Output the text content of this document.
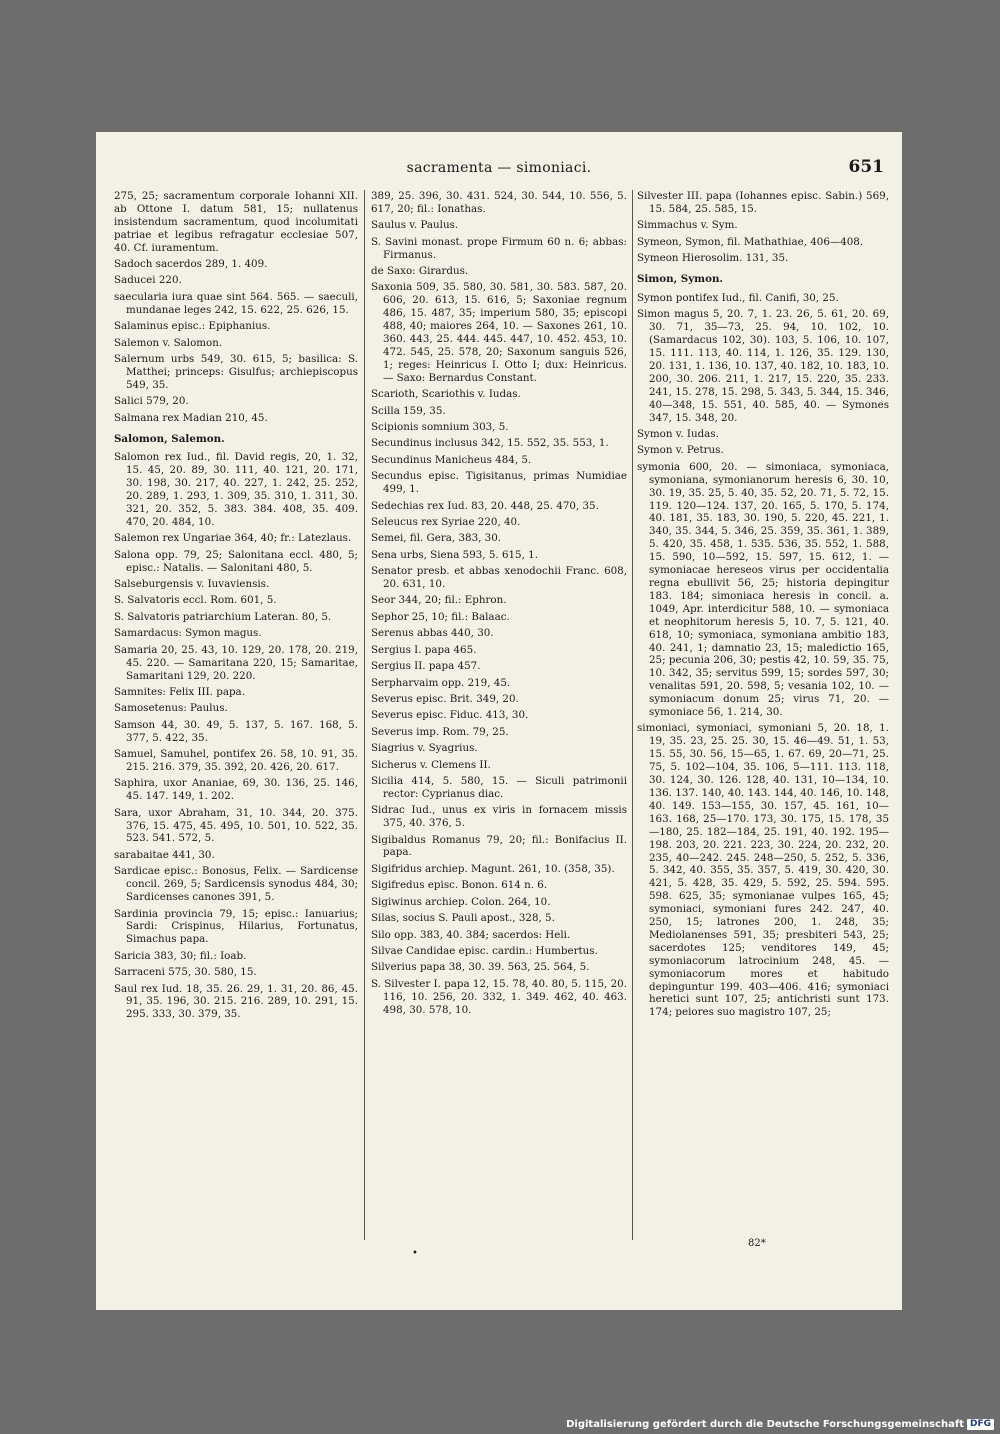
sacramenta — simoniaci.	651
275, 25; sacramentum corporale Iohanni XII. ab Ottone I. datum 581, 15; nullatenus insistendum sacramentum, quod incolumitati patriae et legibus refragatur ecclesiae 507, 40. Cf. iuramentum.
Sadoch sacerdos 289, 1. 409.
Saducei 220.
saecularia iura quae sint 564. 565. — saeculi, mundanae leges 242, 15. 622, 25. 626, 15.
Salaminus episc.: Epiphanius.
Salemon v. Salomon.
Salernum urbs 549, 30. 615, 5; basilica: S. Matthei; princeps: Gisulfus; archiepiscopus 549, 35.
Salici 579, 20.
Salmana rex Madian 210, 45.
Salomon, Salemon.
Salomon rex Iud., fil. David regis, 20, 1. 32, 15. 45, 20. 89, 30. 111, 40. 121, 20. 171, 30. 198, 30. 217, 40. 227, 1. 242, 25. 252, 20. 289, 1. 293, 1. 309, 35. 310, 1. 311, 30. 321, 20. 352, 5. 383. 384. 408, 35. 409. 470, 20. 484, 10.
Salemon rex Ungariae 364, 40; fr.: Latezlaus.
Salona opp. 79, 25; Salonitana eccl. 480, 5; episc.: Natalis. — Salonitani 480, 5.
Salseburgensis v. Iuvaviensis.
S. Salvatoris eccl. Rom. 601, 5.
S. Salvatoris patriarchium Lateran. 80, 5.
Samardacus: Symon magus.
Samaria 20, 25. 43, 10. 129, 20. 178, 20. 219, 45. 220. — Samaritana 220, 15; Samaritae, Samaritani 129, 20. 220.
Samnites: Felix III. papa.
Samosetenus: Paulus.
Samson 44, 30. 49, 5. 137, 5. 167. 168, 5. 377, 5. 422, 35.
Samuel, Samuhel, pontifex 26. 58, 10. 91, 35. 215. 216. 379, 35. 392, 20. 426, 20. 617.
Saphira, uxor Ananiae, 69, 30. 136, 25. 146, 45. 147. 149, 1. 202.
Sara, uxor Abraham, 31, 10. 344, 20. 375. 376, 15. 475, 45. 495, 10. 501, 10. 522, 35. 523. 541. 572, 5.
sarabaitae 441, 30.
Sardicae episc.: Bonosus, Felix. — Sardicense concil. 269, 5; Sardicensis synodus 484, 30; Sardicenses canones 391, 5.
Sardinia provincia 79, 15; episc.: Ianuarius; Sardi: Crispinus, Hilarius, Fortunatus, Simachus papa.
Saricia 383, 30; fil.: Ioab.
Sarraceni 575, 30. 580, 15.
Saul rex Iud. 18, 35. 26. 29, 1. 31, 20. 86, 45. 91, 35. 196, 30. 215. 216. 289, 10. 291, 15. 295. 333, 30. 379, 35.
389, 25. 396, 30. 431. 524, 30. 544, 10. 556, 5. 617, 20; fil.: Ionathas.
Saulus v. Paulus.
S. Savini monast. prope Firmum 60 n. 6; abbas: Firmanus.
de Saxo: Girardus.
Saxonia 509, 35. 580, 30. 581, 30. 583. 587, 20. 606, 20. 613, 15. 616, 5; Saxoniae regnum 486, 15. 487, 35; imperium 580, 35; episcopi 488, 40; maiores 264, 10. — Saxones 261, 10. 360. 443, 25. 444. 445. 447, 10. 452. 453, 10. 472. 545, 25. 578, 20; Saxonum sanguis 526, 1; reges: Heinricus I. Otto I; dux: Heinricus. — Saxo: Bernardus Constant.
Scarioth, Scariothis v. Iudas.
Scilla 159, 35.
Scipionis somnium 303, 5.
Secundinus inclusus 342, 15. 552, 35. 553, 1.
Secundinus Manicheus 484, 5.
Secundus episc. Tigisitanus, primas Numidiae 499, 1.
Sedechias rex Iud. 83, 20. 448, 25. 470, 35.
Seleucus rex Syriae 220, 40.
Semei, fil. Gera, 383, 30.
Sena urbs, Siena 593, 5. 615, 1.
Senator presb. et abbas xenodochii Franc. 608, 20. 631, 10.
Seor 344, 20; fil.: Ephron.
Sephor 25, 10; fil.: Balaac.
Serenus abbas 440, 30.
Sergius I. papa 465.
Sergius II. papa 457.
Serpharvaim opp. 219, 45.
Severus episc. Brit. 349, 20.
Severus episc. Fiduc. 413, 30.
Severus imp. Rom. 79, 25.
Siagrius v. Syagrius.
Sicherus v. Clemens II.
Sicilia 414, 5. 580, 15. — Siculi patrimonii rector: Cyprianus diac.
Sidrac Iud., unus ex viris in fornacem missis 375, 40. 376, 5.
Sigibaldus Romanus 79, 20; fil.: Bonifacius II. papa.
Sigifridus archiep. Magunt. 261, 10. (358, 35).
Sigifredus episc. Bonon. 614 n. 6.
Sigiwinus archiep. Colon. 264, 10.
Silas, socius S. Pauli apost., 328, 5.
Silo opp. 383, 40. 384; sacerdos: Heli.
Silvae Candidae episc. cardin.: Humbertus.
Silverius papa 38, 30. 39. 563, 25. 564, 5.
S. Silvester I. papa 12, 15. 78, 40. 80, 5. 115, 20. 116, 10. 256, 20. 332, 1. 349. 462, 40. 463. 498, 30. 578, 10.
Silvester III. papa (Iohannes episc. Sabin.) 569, 15. 584, 25. 585, 15.
Simmachus v. Sym.
Symeon, Symon, fil. Mathathiae, 406—408.
Symeon Hierosolim. 131, 35.
Simon, Symon.
Symon pontifex Iud., fil. Canifi, 30, 25.
Simon magus 5, 20. 7, 1. 23. 26, 5. 61, 20. 69, 30. 71, 35—73, 25. 94, 10. 102, 10. (Samardacus 102, 30). 103, 5. 106, 10. 107, 15. 111. 113, 40. 114, 1. 126, 35. 129. 130, 20. 131, 1. 136, 10. 137, 40. 182, 10. 183, 10. 200, 30. 206. 211, 1. 217, 15. 220, 35. 233. 241, 15. 278, 15. 298, 5. 343, 5. 344, 15. 346, 40—348, 15. 551, 40. 585, 40. — Symones 347, 15. 348, 20.
Symon v. Iudas.
Symon v. Petrus.
symonia 600, 20. — simoniaca, symoniaca, symoniana, symonianorum heresis 6, 30. 10, 30. 19, 35. 25, 5. 40, 35. 52, 20. 71, 5. 72, 15. 119. 120—124. 137, 20. 165, 5. 170, 5. 174, 40. 181, 35. 183, 30. 190, 5. 220, 45. 221, 1. 340, 35. 344, 5. 346, 25. 359, 35. 361, 1. 389, 5. 420, 35. 458, 1. 535. 536, 35. 552, 1. 588, 15. 590, 10—592, 15. 597, 15. 612, 1. — symoniacae hereseos virus per occidentalia regna ebullivit 56, 25; historia depingitur 183. 184; simoniaca heresis in concil. a. 1049, Apr. interdicitur 588, 10. — symoniaca et neophitorum heresis 5, 10. 7, 5. 121, 40. 618, 10; symoniaca, symoniana ambitio 183, 40. 241, 1; damnatio 23, 15; maledictio 165, 25; pecunia 206, 30; pestis 42, 10. 59, 35. 75, 10. 342, 35; servitus 599, 15; sordes 597, 30; venalitas 591, 20. 598, 5; vesania 102, 10. — symoniacum donum 25; virus 71, 20. — symoniace 56, 1. 214, 30.
simoniaci, symoniaci, symoniani 5, 20. 18, 1. 19, 35. 23, 25. 25. 30, 15. 46—49. 51, 1. 53, 15. 55, 30. 56, 15—65, 1. 67. 69, 20—71, 25. 75, 5. 102—104, 35. 106, 5—111. 113. 118, 30. 124, 30. 126. 128, 40. 131, 10—134, 10. 136. 137. 140, 40. 143. 144, 40. 146, 10. 148, 40. 149. 153—155, 30. 157, 45. 161, 10—163. 168, 25—170. 173, 30. 175, 15. 178, 35—180, 25. 182—184, 25. 191, 40. 192. 195—198. 203, 20. 221. 223, 30. 224, 20. 232, 20. 235, 40—242. 245. 248—250, 5. 252, 5. 336, 5. 342, 40. 355, 35. 357, 5. 419, 30. 420, 30. 421, 5. 428, 35. 429, 5. 592, 25. 594. 595. 598. 625, 35; symonianae vulpes 165, 45; symoniaci, symoniani fures 242. 247, 40. 250, 15; latrones 200, 1. 248, 35; Mediolanenses 591, 35; presbiteri 543, 25; sacerdotes 125; venditores 149, 45; symoniacorum latrocinium 248, 45. — symoniacorum mores et habitudo depinguntur 199. 403—406. 416; symoniaci heretici sunt 107, 25; antichristi sunt 173. 174; peiores suo magistro 107, 25;
•
82*
Digitalisierung gefördert durch die Deutsche Forschungsgemeinschaft DFG
